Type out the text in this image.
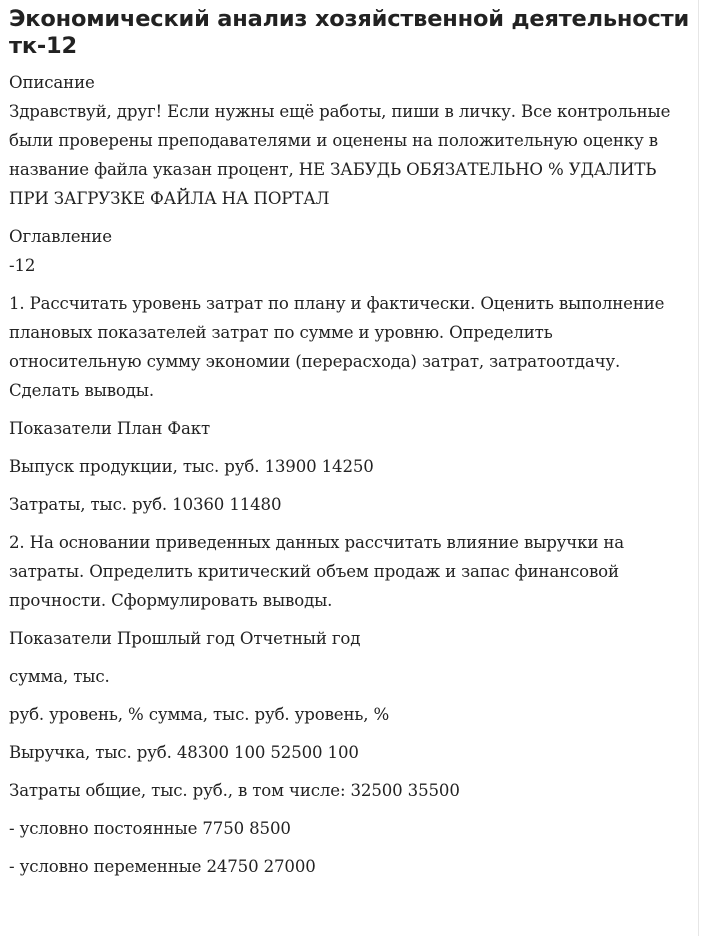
Экономический анализ хозяйственной деятельности тк-12

Описание

Здравствуй, друг! Если нужны ещё работы, пиши в личку. Все контрольные были проверены преподавателями и оценены на положительную оценку в название файла указан процент, НЕ ЗАБУДЬ ОБЯЗАТЕЛЬНО % УДАЛИТЬ ПРИ ЗАГРУЗКЕ ФАЙЛА НА ПОРТАЛ

Оглавление

-12

1. Рассчитать уровень затрат по плану и фактически. Оценить выполнение плановых показателей затрат по сумме и уровню. Определить относительную сумму экономии (перерасхода) затрат, затратоотдачу. Сделать выводы.

Показатели План Факт

Выпуск продукции, тыс. руб. 13900 14250

Затраты, тыс. руб. 10360 11480

2. На основании приведенных данных рассчитать влияние выручки на затраты. Определить критический объем продаж и запас финансовой прочности. Сформулировать выводы.

Показатели Прошлый год Отчетный год

сумма, тыс.

руб. уровень, % сумма, тыс. руб. уровень, %

Выручка, тыс. руб. 48300 100 52500 100

Затраты общие, тыс. руб., в том числе: 32500 35500

- условно постоянные 7750 8500

- условно переменные 24750 27000
